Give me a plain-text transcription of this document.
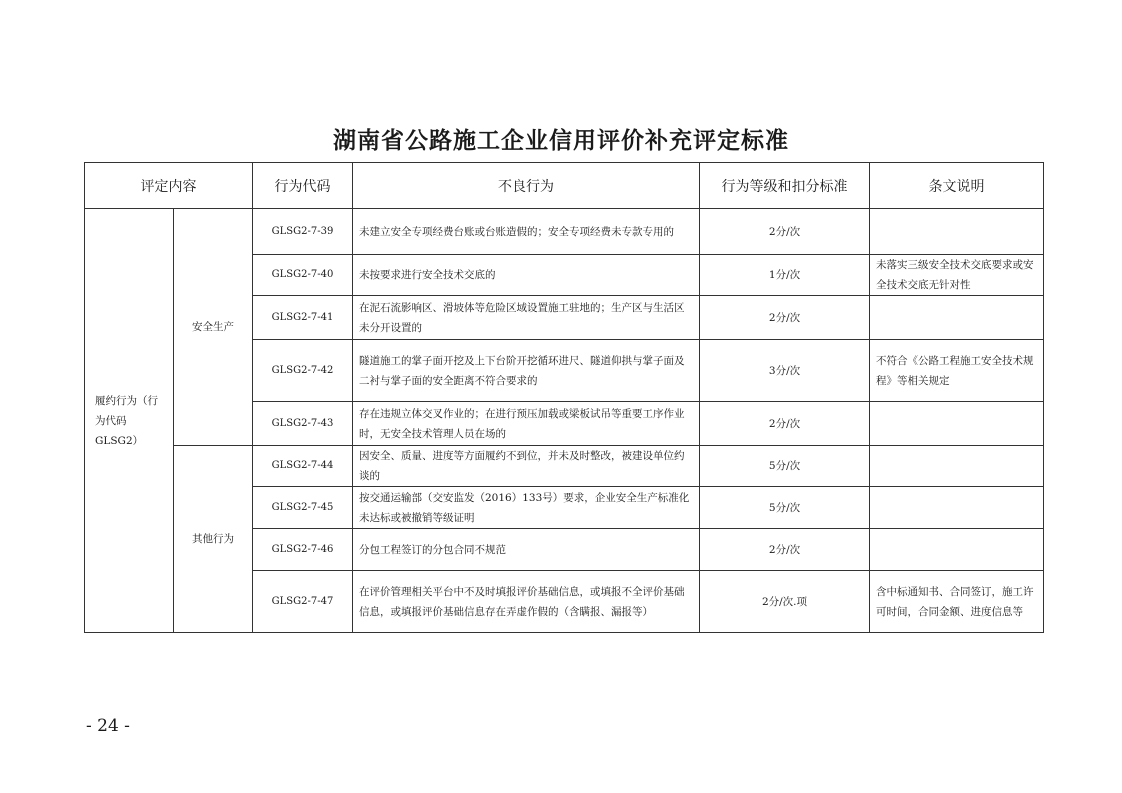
湖南省公路施工企业信用评价补充评定标准
评定内容		行为代码	不良行为	行为等级和扣分标准	条文说明
履约行为（行为代码 GLSG2）	安全生产	GLSG2-7-39	未建立安全专项经费台账或台账造假的；安全专项经费未专款专用的	2分/次	
		GLSG2-7-40	未按要求进行安全技术交底的	1分/次	未落实三级安全技术交底要求或安全技术交底无针对性
		GLSG2-7-41	在泥石流影响区、滑坡体等危险区域设置施工驻地的；生产区与生活区未分开设置的	2分/次	
		GLSG2-7-42	隧道施工的掌子面开挖及上下台阶开挖循环进尺、隧道仰拱与掌子面及二衬与掌子面的安全距离不符合要求的	3分/次	不符合《公路工程施工安全技术规程》等相关规定
		GLSG2-7-43	存在违规立体交叉作业的；在进行预压加载或梁板试吊等重要工序作业时，无安全技术管理人员在场的	2分/次	
	其他行为	GLSG2-7-44	因安全、质量、进度等方面履约不到位，并未及时整改，被建设单位约谈的	5分/次	
		GLSG2-7-45	按交通运输部（交安监发（2016）133号）要求，企业安全生产标准化未达标或被撤销等级证明	5分/次	
		GLSG2-7-46	分包工程签订的分包合同不规范	2分/次	
		GLSG2-7-47	在评价管理相关平台中不及时填报评价基础信息，或填报不全评价基础信息，或填报评价基础信息存在弄虚作假的（含瞒报、漏报等）	2分/次.项	含中标通知书、合同签订，施工许可时间，合同金额、进度信息等
- 24 -
